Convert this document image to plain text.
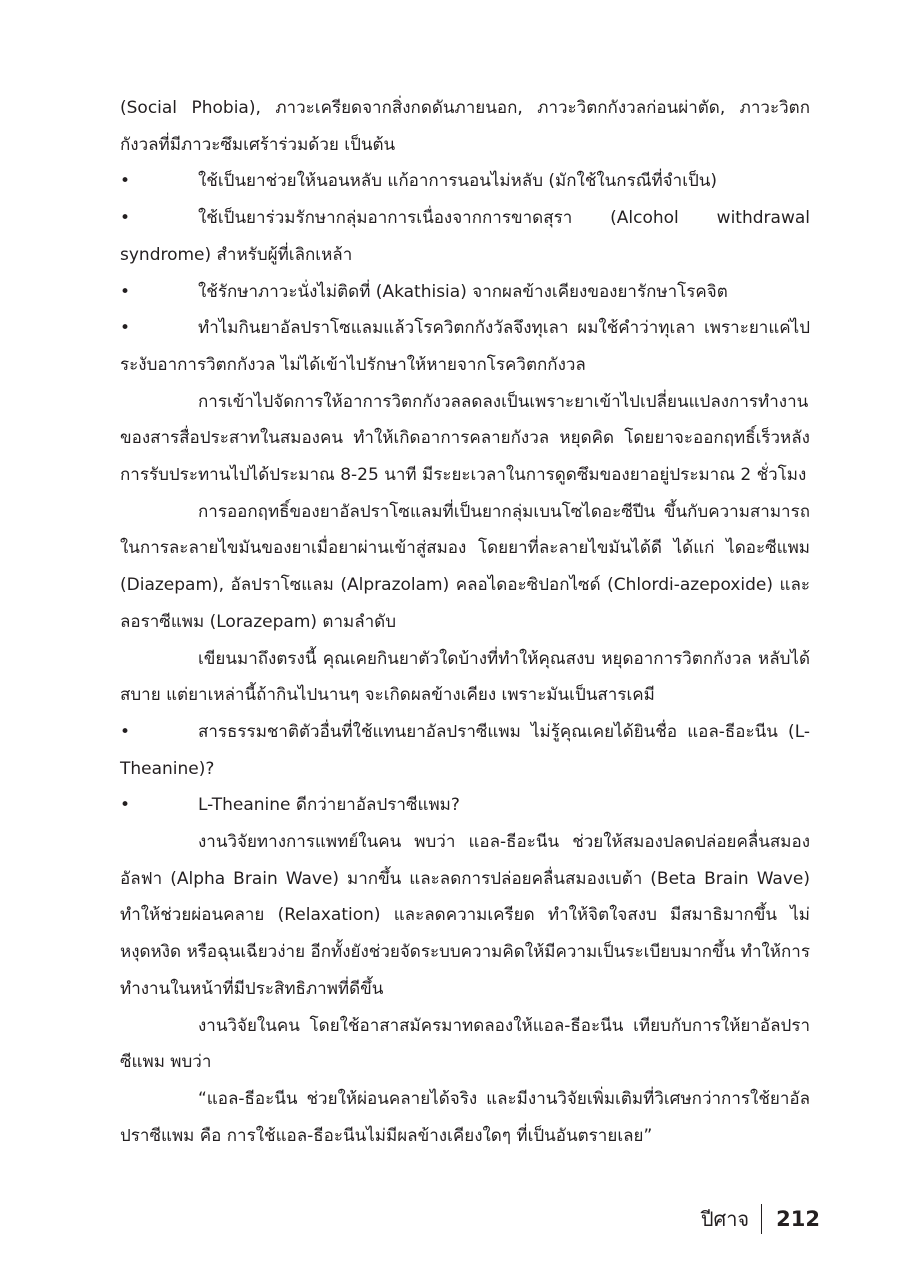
(Social Phobia), ภาวะเครียดจากสิ่งกดดันภายนอก, ภาวะวิตกกังวลก่อนผ่าตัด, ภาวะวิตกกังวลที่มีภาวะซึมเศร้าร่วมด้วย เป็นต้น

•	ใช้เป็นยาช่วยให้นอนหลับ แก้อาการนอนไม่หลับ (มักใช้ในกรณีที่จำเป็น)

•	ใช้เป็นยาร่วมรักษากลุ่มอาการเนื่องจากการขาดสุรา (Alcohol withdrawal syndrome) สำหรับผู้ที่เลิกเหล้า

•	ใช้รักษาภาวะนั่งไม่ติดที่ (Akathisia) จากผลข้างเคียงของยารักษาโรคจิต

•	ทำไมกินยาอัลปราโซแลมแล้วโรควิตกกังวัลจึงทุเลา ผมใช้คำว่าทุเลา เพราะยาแค่ไประงับอาการวิตกกังวล ไม่ได้เข้าไปรักษาให้หายจากโรควิตกกังวล

การเข้าไปจัดการให้อาการวิตกกังวลลดลงเป็นเพราะยาเข้าไปเปลี่ยนแปลงการทำงานของสารสื่อประสาทในสมองคน ทำให้เกิดอาการคลายกังวล หยุดคิด โดยยาจะออกฤทธิ์เร็วหลังการรับประทานไปได้ประมาณ 8-25 นาที มีระยะเวลาในการดูดซึมของยาอยู่ประมาณ 2 ชั่วโมง

การออกฤทธิ์ของยาอัลปราโซแลมที่เป็นยากลุ่มเบนโซไดอะซีปีน ขึ้นกับความสามารถในการละลายไขมันของยาเมื่อยาผ่านเข้าสู่สมอง โดยยาที่ละลายไขมันได้ดี ได้แก่ ไดอะซีแพม (Diazepam), อัลปราโซแลม (Alprazolam) คลอไดอะซิปอกไซด์ (Chlordi-azepoxide) และลอราซีแพม (Lorazepam) ตามลำดับ

เขียนมาถึงตรงนี้ คุณเคยกินยาตัวใดบ้างที่ทำให้คุณสงบ หยุดอาการวิตกกังวล หลับได้สบาย แต่ยาเหล่านี้ถ้ากินไปนานๆ จะเกิดผลข้างเคียง เพราะมันเป็นสารเคมี

•	สารธรรมชาติตัวอื่นที่ใช้แทนยาอัลปราซีแพม ไม่รู้คุณเคยได้ยินชื่อ แอล-ธีอะนีน (L-Theanine)?

•	L-Theanine ดีกว่ายาอัลปราซีแพม?

งานวิจัยทางการแพทย์ในคน พบว่า แอล-ธีอะนีน ช่วยให้สมองปลดปล่อยคลื่นสมองอัลฟา (Alpha Brain Wave) มากขึ้น และลดการปล่อยคลื่นสมองเบต้า (Beta Brain Wave) ทำให้ช่วยผ่อนคลาย (Relaxation) และลดความเครียด ทำให้จิตใจสงบ มีสมาธิมากขึ้น ไม่หงุดหงิด หรือฉุนเฉียวง่าย อีกทั้งยังช่วยจัดระบบความคิดให้มีความเป็นระเบียบมากขึ้น ทำให้การทำงานในหน้าที่มีประสิทธิภาพที่ดีขึ้น

งานวิจัยในคน โดยใช้อาสาสมัครมาทดลองให้แอล-ธีอะนีน เทียบกับการให้ยาอัลปราซีแพม พบว่า

“แอล-ธีอะนีน ช่วยให้ผ่อนคลายได้จริง และมีงานวิจัยเพิ่มเติมที่วิเศษกว่าการใช้ยาอัลปราซีแพม คือ การใช้แอล-ธีอะนีนไม่มีผลข้างเคียงใดๆ ที่เป็นอันตรายเลย”

ปีศาจ 212
